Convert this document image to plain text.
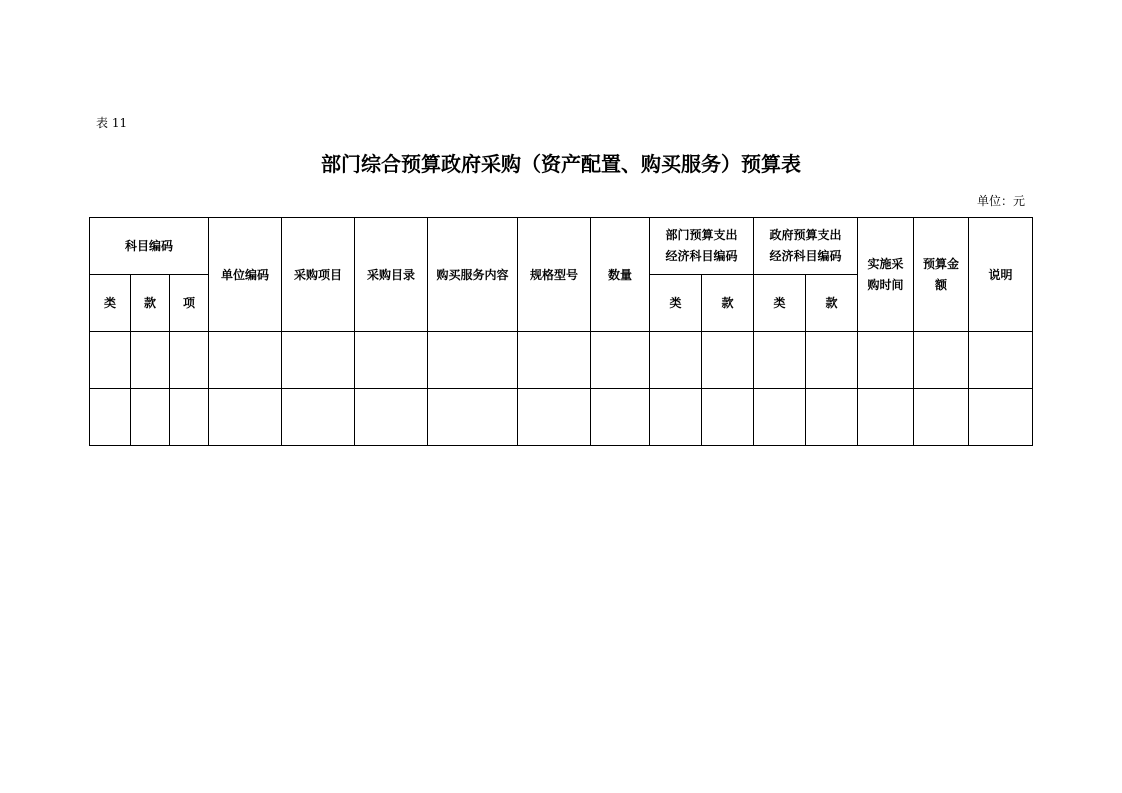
表 11
部门综合预算政府采购（资产配置、购买服务）预算表
单位：元
科目编码			单位编码	采购项目	采购目录	购买服务内容	规格型号	数量	部门预算支出经济科目编码		政府预算支出经济科目编码		实施采购时间	预算金额	说明
类	款	项							类	款	类	款			
